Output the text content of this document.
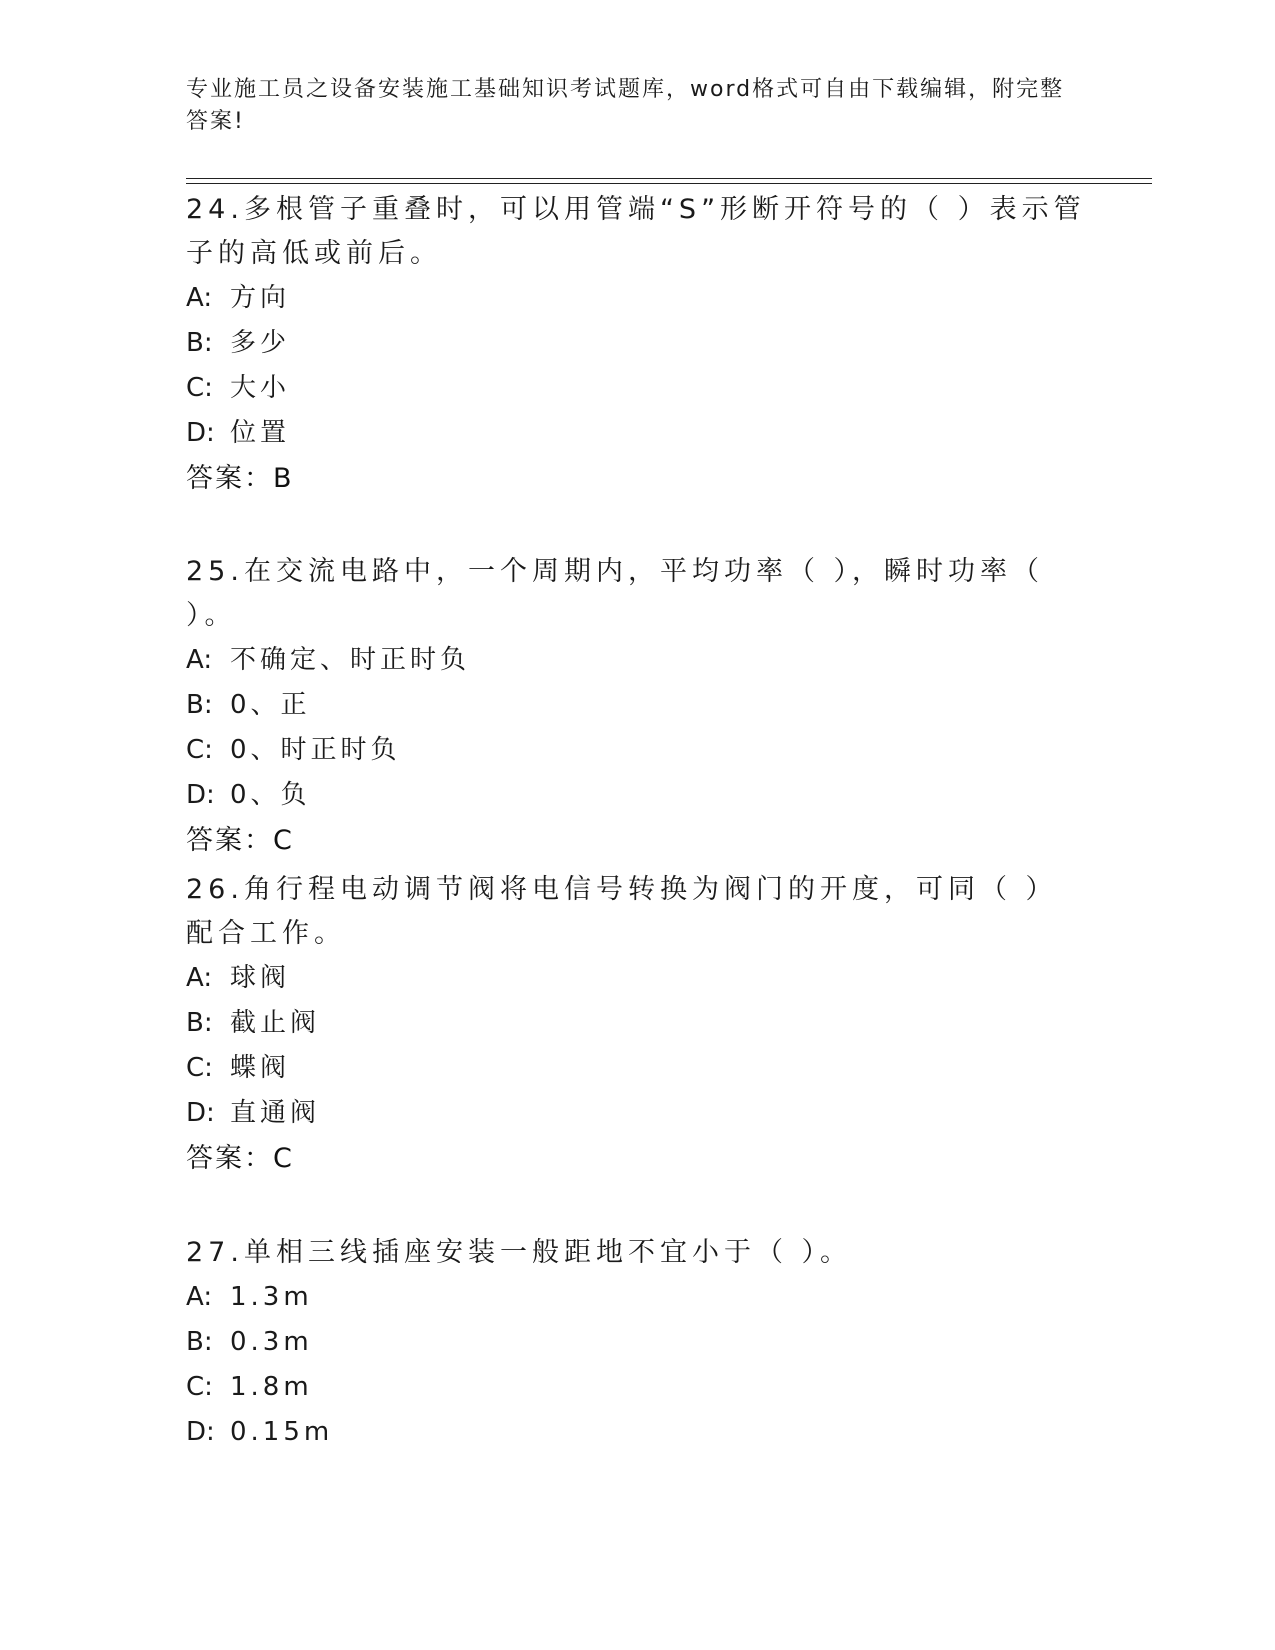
专业施工员之设备安装施工基础知识考试题库，word格式可自由下载编辑，附完整答案!
24.多根管子重叠时，可以用管端“S”形断开符号的（ ）表示管子的高低或前后。
A: 方向
B: 多少
C: 大小
D: 位置
答案：B
25.在交流电路中，一个周期内，平均功率（ ），瞬时功率（ ）。
A: 不确定、时正时负
B: 0、正
C: 0、时正时负
D: 0、负
答案：C
26.角行程电动调节阀将电信号转换为阀门的开度，可同（ ）配合工作。
A: 球阀
B: 截止阀
C: 蝶阀
D: 直通阀
答案：C
27.单相三线插座安装一般距地不宜小于（ ）。
A: 1.3m
B: 0.3m
C: 1.8m
D: 0.15m
